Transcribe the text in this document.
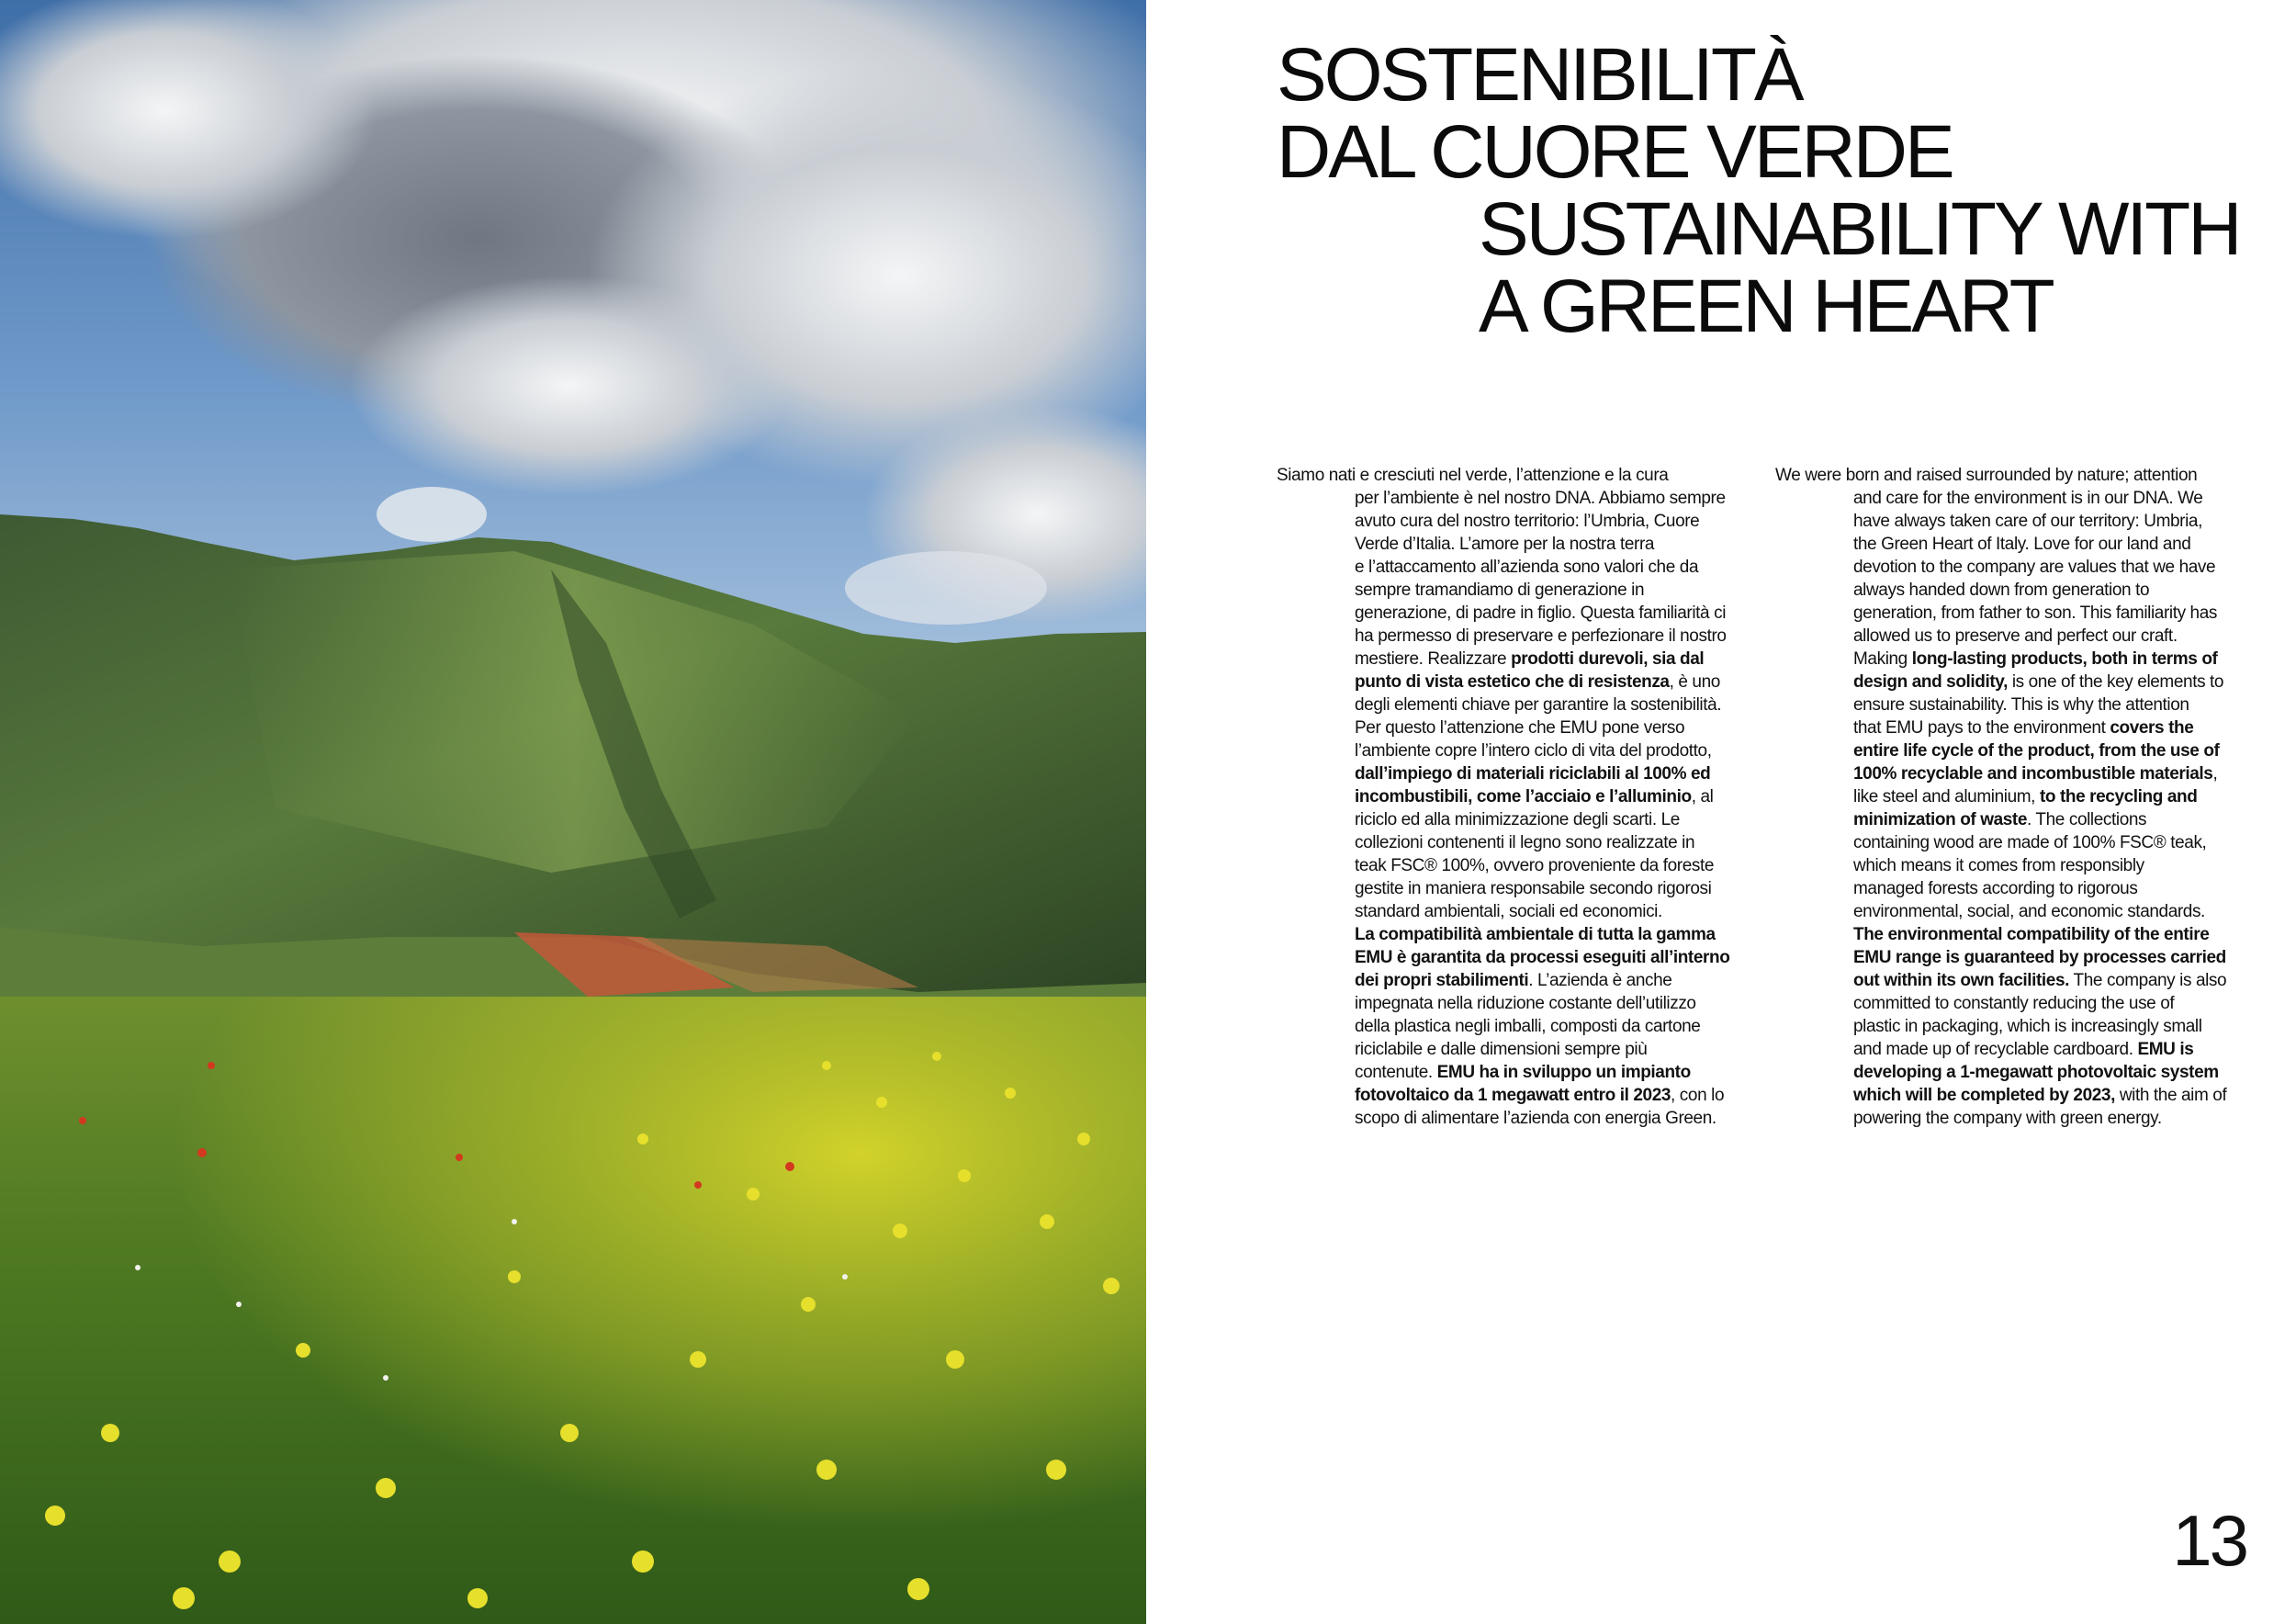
SOSTENIBILITÀ
DAL CUORE VERDE
SUSTAINABILITY WITH
A GREEN HEART
Siamo nati e cresciuti nel verde, l’attenzione e la cura
per l’ambiente è nel nostro DNA. Abbiamo sempre
avuto cura del nostro territorio: l’Umbria, Cuore
Verde d’Italia. L’amore per la nostra terra
e l’attaccamento all’azienda sono valori che da
sempre tramandiamo di generazione in
generazione, di padre in figlio. Questa familiarità ci
ha permesso di preservare e perfezionare il nostro
mestiere. Realizzare prodotti durevoli, sia dal
punto di vista estetico che di resistenza, è uno
degli elementi chiave per garantire la sostenibilità.
Per questo l’attenzione che EMU pone verso
l’ambiente copre l’intero ciclo di vita del prodotto,
dall’impiego di materiali riciclabili al 100% ed
incombustibili, come l’acciaio e l’alluminio, al
riciclo ed alla minimizzazione degli scarti. Le
collezioni contenenti il legno sono realizzate in
teak FSC® 100%, ovvero proveniente da foreste
gestite in maniera responsabile secondo rigorosi
standard ambientali, sociali ed economici.
La compatibilità ambientale di tutta la gamma
EMU è garantita da processi eseguiti all’interno
dei propri stabilimenti. L’azienda è anche
impegnata nella riduzione costante dell’utilizzo
della plastica negli imballi, composti da cartone
riciclabile e dalle dimensioni sempre più
contenute. EMU ha in sviluppo un impianto
fotovoltaico da 1 megawatt entro il 2023, con lo
scopo di alimentare l’azienda con energia Green.
We were born and raised surrounded by nature; attention
and care for the environment is in our DNA. We
have always taken care of our territory: Umbria,
the Green Heart of Italy. Love for our land and
devotion to the company are values that we have
always handed down from generation to
generation, from father to son. This familiarity has
allowed us to preserve and perfect our craft.
Making long-lasting products, both in terms of
design and solidity, is one of the key elements to
ensure sustainability. This is why the attention
that EMU pays to the environment covers the
entire life cycle of the product, from the use of
100% recyclable and incombustible materials,
like steel and aluminium, to the recycling and
minimization of waste. The collections
containing wood are made of 100% FSC® teak,
which means it comes from responsibly
managed forests according to rigorous
environmental, social, and economic standards.
The environmental compatibility of the entire
EMU range is guaranteed by processes carried
out within its own facilities. The company is also
committed to constantly reducing the use of
plastic in packaging, which is increasingly small
and made up of recyclable cardboard. EMU is
developing a 1-megawatt photovoltaic system
which will be completed by 2023, with the aim of
powering the company with green energy.
13
